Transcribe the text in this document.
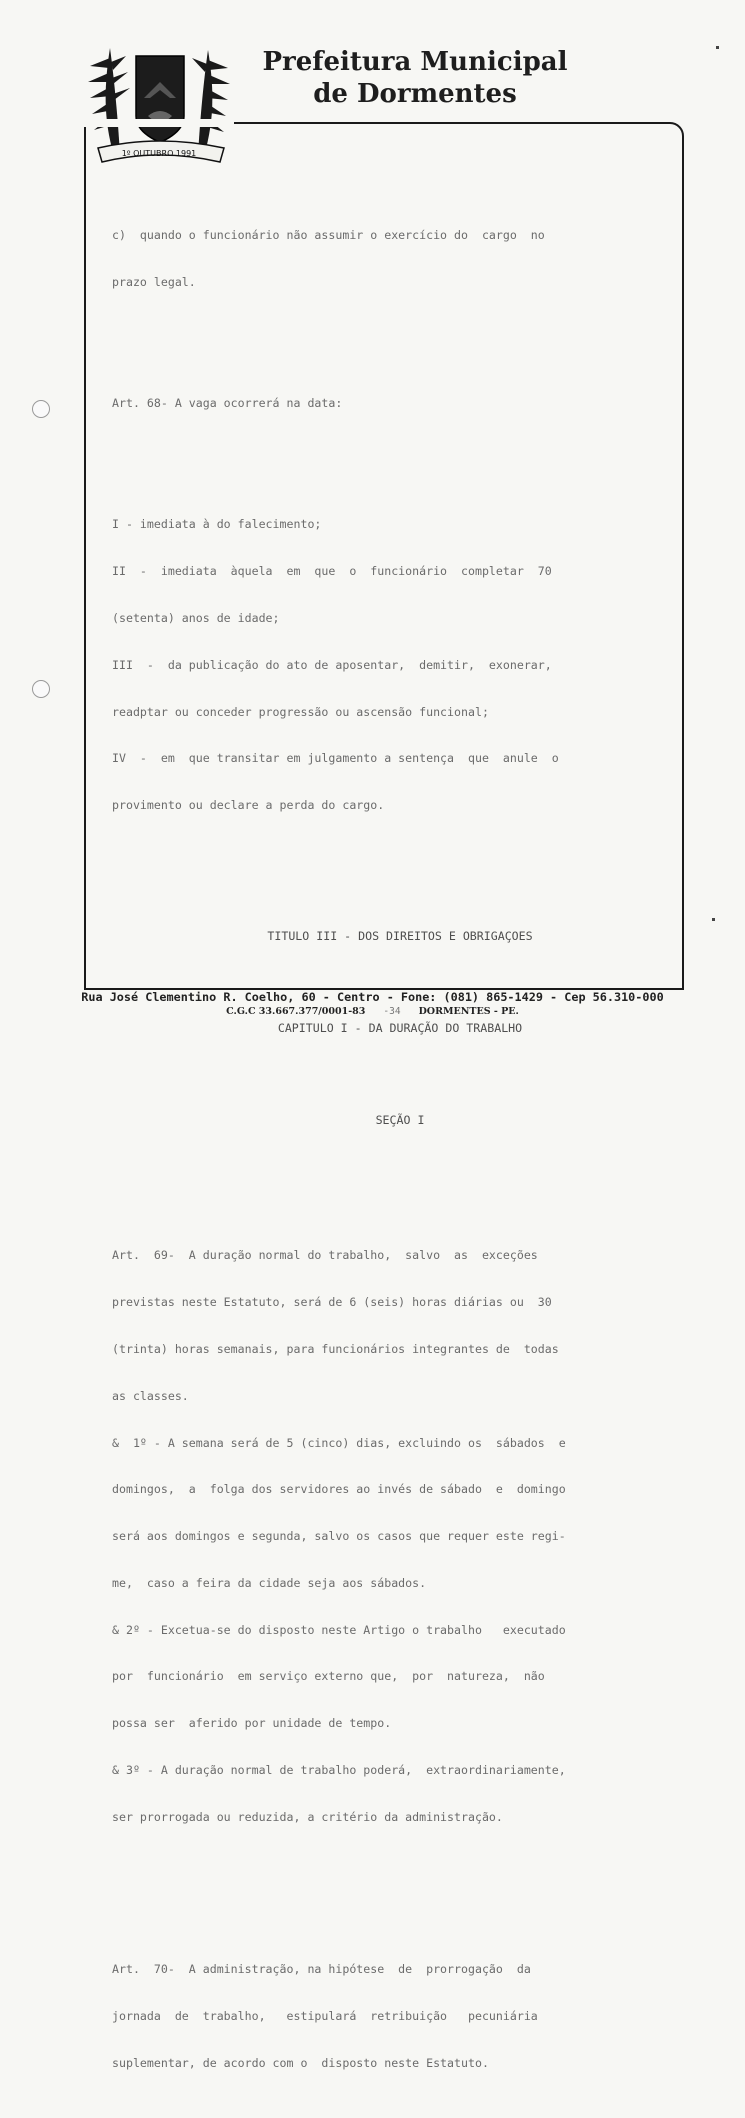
1º OUTUBRO 1991
Prefeitura Municipal
de Dormentes

c)  quando o funcionário não assumir o exercício do  cargo  no

prazo legal.

Art. 68- A vaga ocorrerá na data:

I - imediata à do falecimento;

II  -  imediata  àquela  em  que  o  funcionário  completar  70

(setenta) anos de idade;

III  -  da publicação do ato de aposentar,  demitir,  exonerar,

readptar ou conceder progressão ou ascensão funcional;

IV  -  em  que transitar em julgamento a sentença  que  anule  o

provimento ou declare a perda do cargo.

TITULO III - DOS DIREITOS E OBRIGAÇOES

CAPITULO I - DA DURAÇÃO DO TRABALHO

SEÇÃO I

Art.  69-  A duração normal do trabalho,  salvo  as  exceções

previstas neste Estatuto, será de 6 (seis) horas diárias ou  30

(trinta) horas semanais, para funcionários integrantes de  todas

as classes.

&  1º - A semana será de 5 (cinco) dias, excluindo os  sábados  e

domingos,  a  folga dos servidores ao invés de sábado  e  domingo

será aos domingos e segunda, salvo os casos que requer este regi-

me,  caso a feira da cidade seja aos sábados.

& 2º - Excetua-se do disposto neste Artigo o trabalho   executado

por  funcionário  em serviço externo que,  por  natureza,  não

possa ser  aferido por unidade de tempo.

& 3º - A duração normal de trabalho poderá,  extraordinariamente,

ser prorrogada ou reduzida, a critério da administração.

Art.  70-  A administração, na hipótese  de  prorrogação  da

jornada  de  trabalho,   estipulará  retribuição   pecuniária

suplementar, de acordo com o  disposto neste Estatuto.

Rua José Clementino R. Coelho, 60 - Centro - Fone: (081) 865-1429 - Cep 56.310-000
C.G.C 33.667.377/0001-83 -34 DORMENTES - PE.
